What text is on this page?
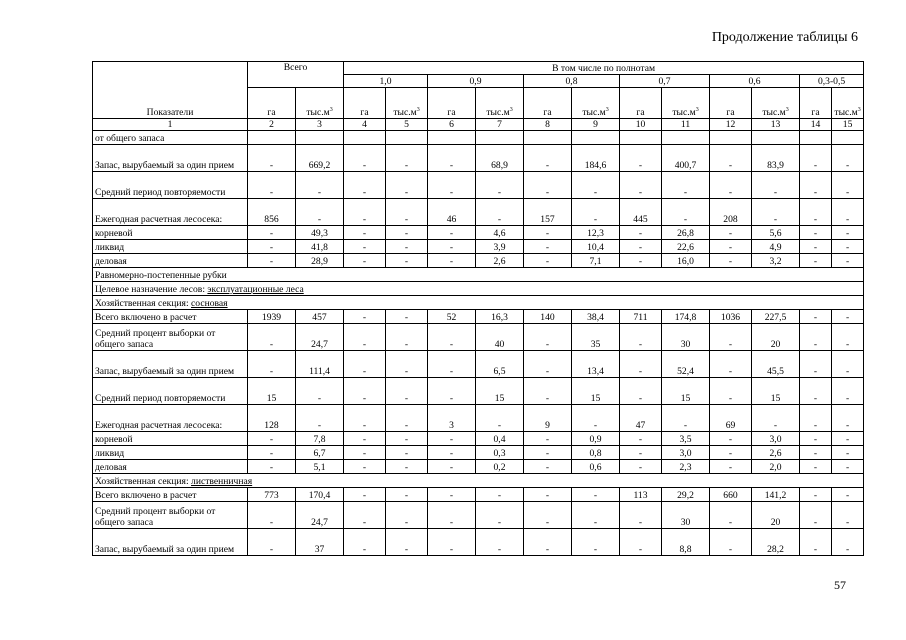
Продолжение таблицы 6
Показатели	Всего		В том числе по полнотам											
			1,0		0,9		0,8		0,7		0,6		0,3-0,5	
	га	$тыс.м^3$	га	$тыс.м^3$	га	$тыс.м^3$	га	$тыс.м^3$	га	$тыс.м^3$	га	$тыс.м^3$	га	$тыс.м^3$
1	2	3	4	5	6	7	8	9	10	11	12	13	14	15
от общего запаса														
Запас, вырубаемый за один прием	-	669,2	-	-	-	68,9	-	184,6	-	400,7	-	83,9	-	-
Средний период повторяемости	-	-	-	-	-	-	-	-	-	-	-	-	-	-
Ежегодная расчетная лесосека:	856	-	-	-	46	-	157	-	445	-	208	-	-	-
корневой	-	49,3	-	-	-	4,6	-	12,3	-	26,8	-	5,6	-	-
ликвид	-	41,8	-	-	-	3,9	-	10,4	-	22,6	-	4,9	-	-
деловая	-	28,9	-	-	-	2,6	-	7,1	-	16,0	-	3,2	-	-
Равномерно-постепенные рубки														
Целевое назначение лесов: эксплуатационные леса														
Хозяйственная секция: сосновая														
Всего включено в расчет	1939	457	-	-	52	16,3	140	38,4	711	174,8	1036	227,5	-	-
Средний процент выборки от общего запаса	-	24,7	-	-	-	40	-	35	-	30	-	20	-	-
Запас, вырубаемый за один прием	-	111,4	-	-	-	6,5	-	13,4	-	52,4	-	45,5	-	-
Средний период повторяемости	15	-	-	-	-	15	-	15	-	15	-	15	-	-
Ежегодная расчетная лесосека:	128	-	-	-	3	-	9	-	47	-	69	-	-	-
корневой	-	7,8	-	-	-	0,4	-	0,9	-	3,5	-	3,0	-	-
ликвид	-	6,7	-	-	-	0,3	-	0,8	-	3,0	-	2,6	-	-
деловая	-	5,1	-	-	-	0,2	-	0,6	-	2,3	-	2,0	-	-
Хозяйственная секция: лиственничная														
Всего включено в расчет	773	170,4	-	-	-	-	-	-	113	29,2	660	141,2	-	-
Средний процент выборки от общего запаса	-	24,7	-	-	-	-	-	-	-	30	-	20	-	-
Запас, вырубаемый за один прием	-	37	-	-	-	-	-	-	-	8,8	-	28,2	-	-
57
